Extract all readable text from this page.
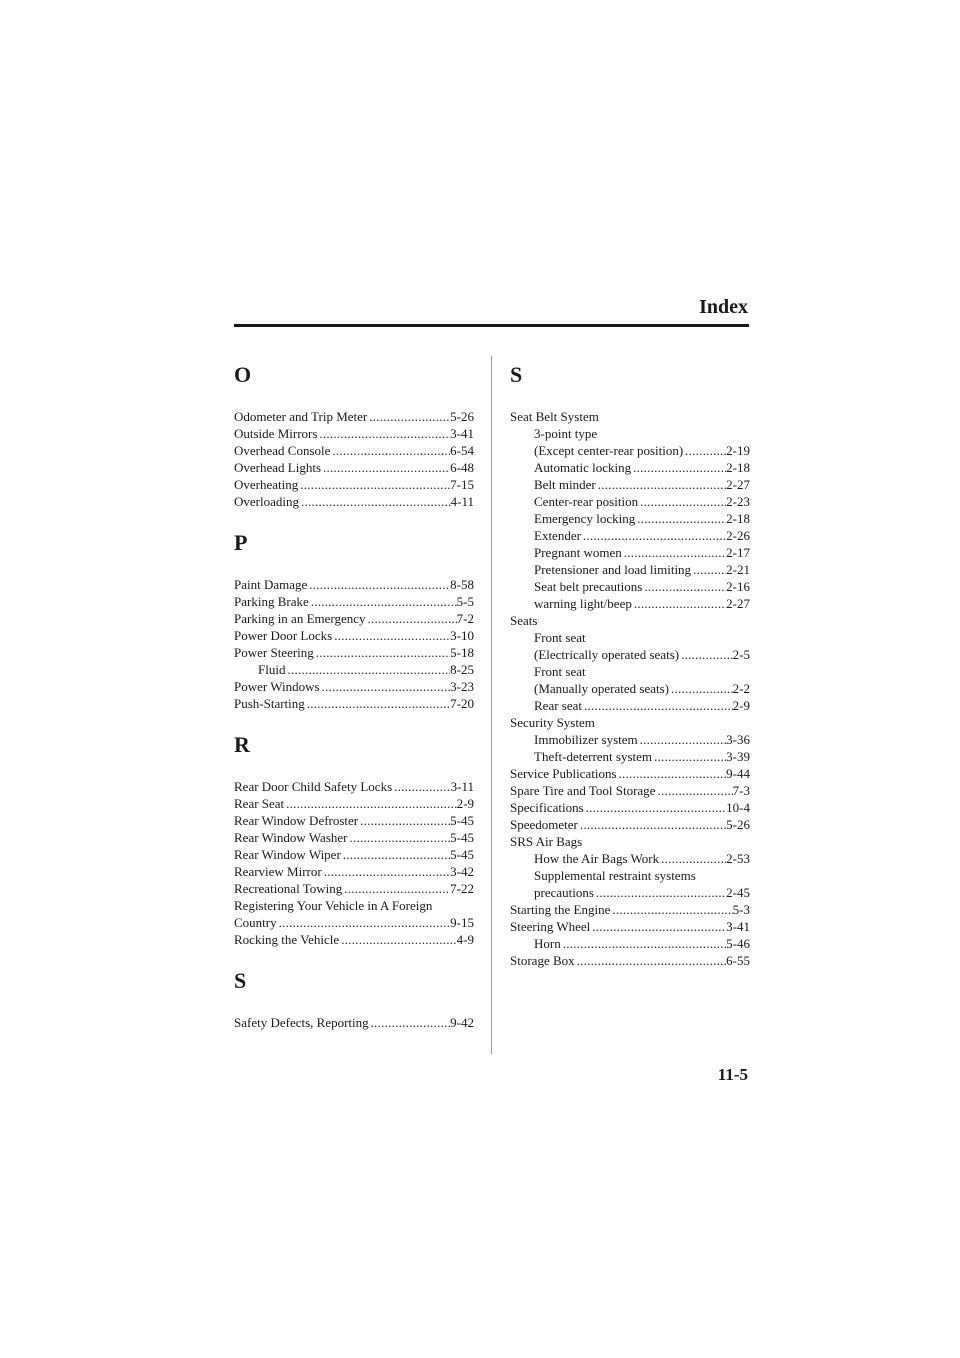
Index
O
Odometer and Trip Meter . . .	5-26
Outside Mirrors . . .	3-41
Overhead Console . . .	6-54
Overhead Lights . . .	6-48
Overheating . . .	7-15
Overloading . . .	4-11
P
Paint Damage . . .	8-58
Parking Brake . . .	5-5
Parking in an Emergency . . .	7-2
Power Door Locks . . .	3-10
Power Steering . . .	5-18
Fluid . . .	8-25
Power Windows . . .	3-23
Push-Starting . . .	7-20
R
Rear Door Child Safety Locks . . .	3-11
Rear Seat . . .	2-9
Rear Window Defroster . . .	5-45
Rear Window Washer . . .	5-45
Rear Window Wiper . . .	5-45
Rearview Mirror . . .	3-42
Recreational Towing . . .	7-22
Registering Your Vehicle in A Foreign
Country . . .	9-15
Rocking the Vehicle . . .	4-9
S
Safety Defects, Reporting . . .	9-42
S
Seat Belt System
3-point type
(Except center-rear position) . . .	2-19
Automatic locking . . .	2-18
Belt minder . . .	2-27
Center-rear position . . .	2-23
Emergency locking . . .	2-18
Extender . . .	2-26
Pregnant women . . .	2-17
Pretensioner and load limiting . . .	2-21
Seat belt precautions . . .	2-16
warning light/beep . . .	2-27
Seats
Front seat
(Electrically operated seats) . . .	2-5
Front seat
(Manually operated seats) . . .	2-2
Rear seat . . .	2-9
Security System
Immobilizer system . . .	3-36
Theft-deterrent system . . .	3-39
Service Publications . . .	9-44
Spare Tire and Tool Storage . . .	7-3
Specifications . . .	10-4
Speedometer . . .	5-26
SRS Air Bags
How the Air Bags Work . . .	2-53
Supplemental restraint systems
precautions . . .	2-45
Starting the Engine . . .	5-3
Steering Wheel . . .	3-41
Horn . . .	5-46
Storage Box . . .	6-55
11-5
